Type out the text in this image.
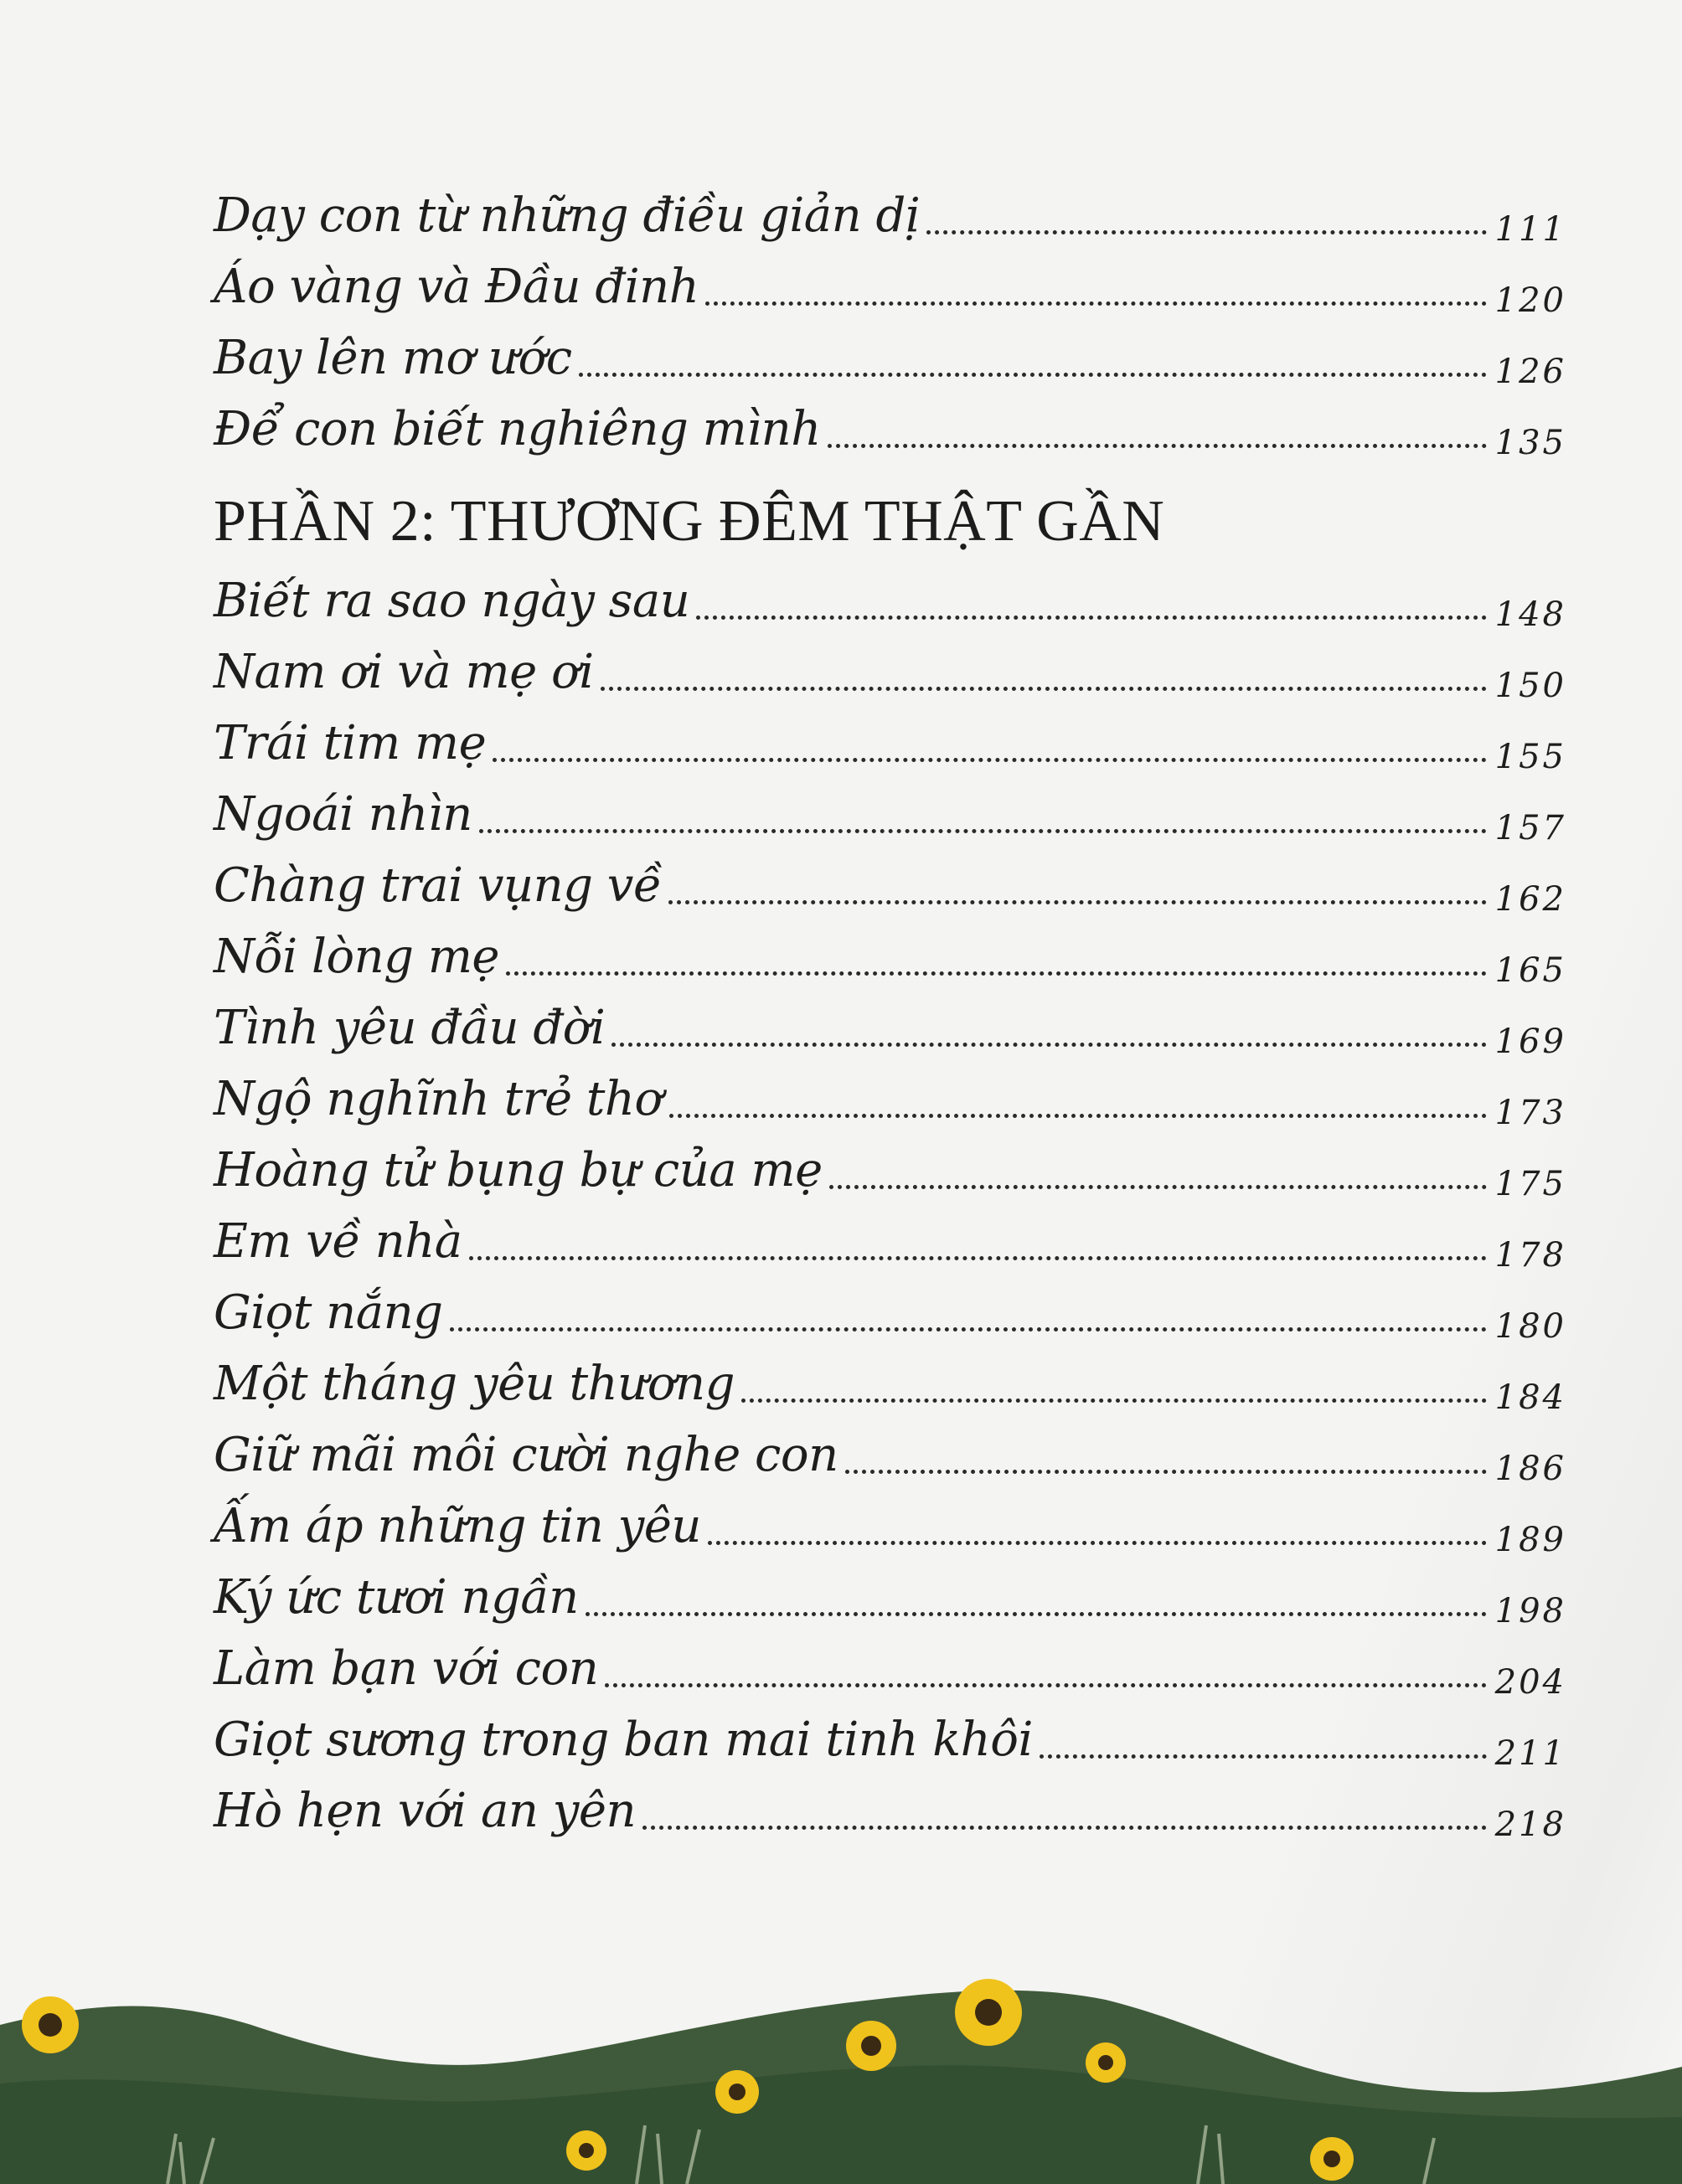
Dạy con từ những điều giản dị	111
Áo vàng và Đầu đinh	120
Bay lên mơ ước	126
Để con biết nghiêng mình	135
PHẦN 2: THƯƠNG ĐÊM THẬT GẦN
Biết ra sao ngày sau	148
Nam ơi và mẹ ơi	150
Trái tim mẹ	155
Ngoái nhìn	157
Chàng trai vụng về	162
Nỗi lòng mẹ	165
Tình yêu đầu đời	169
Ngộ nghĩnh trẻ thơ	173
Hoàng tử bụng bự của mẹ	175
Em về nhà	178
Giọt nắng	180
Một tháng yêu thương	184
Giữ mãi môi cười nghe con	186
Ấm áp những tin yêu	189
Ký ức tươi ngần	198
Làm bạn với con	204
Giọt sương trong ban mai tinh khôi	211
Hò hẹn với an yên	218
